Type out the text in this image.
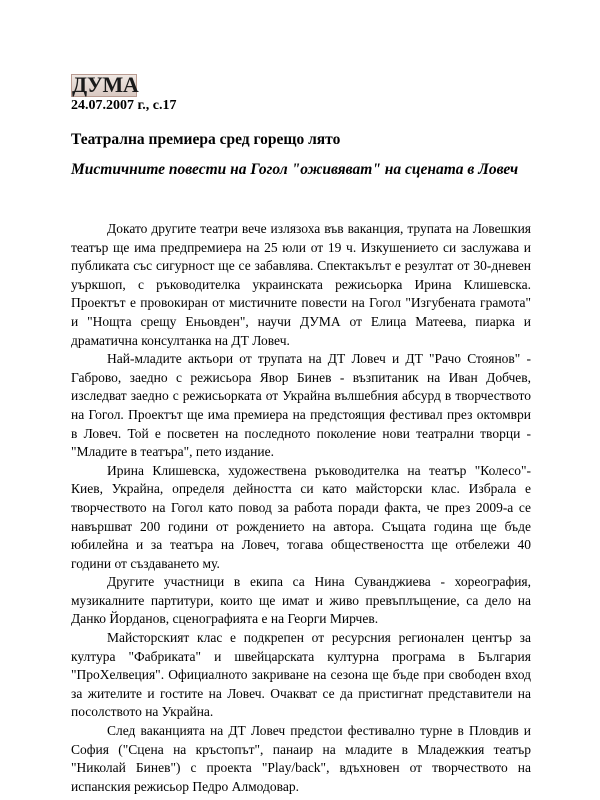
ДУМА
24.07.2007 г., с.17
Театрална премиера сред горещо лято
Мистичните повести на Гогол "оживяват" на сцената в Ловеч

Докато другите театри вече излязоха във ваканция, трупата на Ловешкия театър ще има предпремиера на 25 юли от 19 ч. Изкушението си заслужава и публиката със сигурност ще се забавлява. Спектакълът е резултат от 30-дневен уъркшоп, с ръководителка украинската режисьорка Ирина Клишевска. Проектът е провокиран от мистичните повести на Гогол "Изгубената грамота" и "Нощта срещу Еньовден", научи ДУМА от Елица Матеева, пиарка и драматична консултанка на ДТ Ловеч.

Най-младите актьори от трупата на ДТ Ловеч и ДТ "Рачо Стоянов" - Габрово, заедно с режисьора Явор Бинев - възпитаник на Иван Добчев, изследват заедно с режисьорката от Украйна вълшебния абсурд в творчеството на Гогол. Проектът ще има премиера на предстоящия фестивал през октомври в Ловеч. Той е посветен на последното поколение нови театрални творци - "Младите в театъра", пето издание.

Ирина Клишевска, художествена ръководителка на театър "Колесо"- Киев, Украйна, определя дейността си като майсторски клас. Избрала е творчеството на Гогол като повод за работа поради факта, че през 2009-а се навършват 200 години от рождението на автора. Същата година ще бъде юбилейна и за театъра на Ловеч, тогава обществеността ще отбележи 40 години от създаването му.

Другите участници в екипа са Нина Суванджиева - хореография, музикалните партитури, които ще имат и живо превъплъщение, са дело на Данко Йорданов, сценографията е на Георги Мирчев.

Майсторският клас е подкрепен от ресурсния регионален център за култура "Фабриката" и швейцарската културна програма в България "ПроХелвеция". Официалното закриване на сезона ще бъде при свободен вход за жителите и гостите на Ловеч. Очакват се да пристигнат представители на посолството на Украйна.

След ваканцията на ДТ Ловеч предстои фестивално турне в Пловдив и София ("Сцена на кръстопът", панаир на младите в Младежкия театър "Николай Бинев") с проекта "Play/back", вдъхновен от творчеството на испанския режисьор Педро Алмодовар.
